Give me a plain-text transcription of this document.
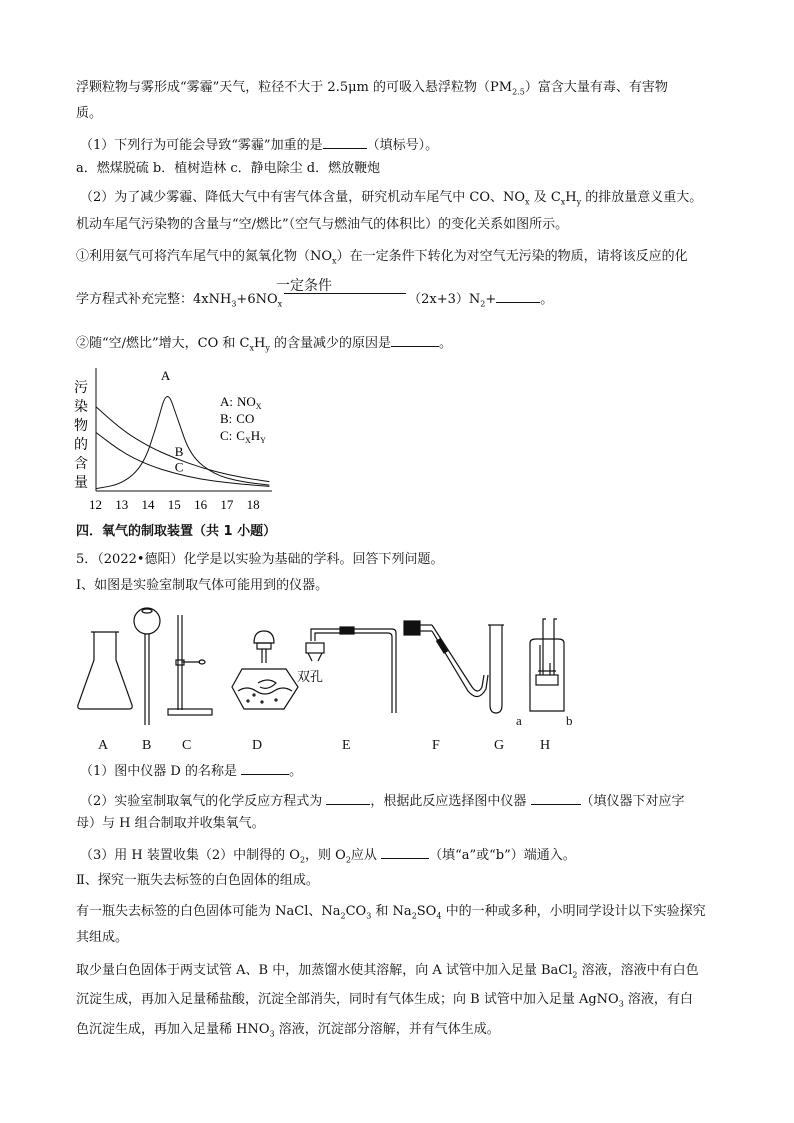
浮颗粒物与雾形成“雾霾”天气，粒径不大于 2.5μm 的可吸入悬浮粒物$(PM_{2.5})$富含大量有毒、有害物
质。
（1）下列行为可能会导致“雾霾”加重的是	（填标号）。
a．燃煤脱硫 b．植树造林 c．静电除尘 d．燃放鞭炮
（2）为了减少雾霾、降低大气中有害气体含量，研究机动车尾气中 CO、$NO_x$ 及 $C_xH_y$ 的排放量意义重大。
机动车尾气污染物的含量与“空/燃比”（空气与燃油气的体积比）的变化关系如图所示。
①利用氨气可将汽车尾气中的氮氧化物$(NO_x)$在一定条件下转化为对空气无污染的物质，请将该反应的化
学方程式补充完整：$4xNH_3+6NO_x$	$(2x+3)N_2+$	。
一定条件
②随“空/燃比”增大，CO 和 $C_xH_y$ 的含量减少的原因是	。
污
染
物
的
含
量
12 13 14 15 16 17 18
A
B
C
A: $NO_X$
B: CO
C: $C_XH_Y$
四．氧气的制取装置（共 1 小题）
5．（2022•德阳）化学是以实验为基础的学科。回答下列问题。
Ⅰ、如图是实验室制取气体可能用到的仪器。
双孔
a	b
A B C	D	E	F	G	H
（1）图中仪器 D 的名称是	。
（2）实验室制取氧气的化学反应方程式为	，根据此反应选择图中仪器	（填仪器下对应字
母）与 H 组合制取并收集氧气。
（3）用 H 装置收集（2）中制得的 $O_2$，则 $O_2$应从	（填“a”或“b”）端通入。
Ⅱ、探究一瓶失去标签的白色固体的组成。
有一瓶失去标签的白色固体可能为 NaCl、$Na_2CO_3$ 和 $Na_2SO_4$ 中的一种或多种，小明同学设计以下实验探究
其组成。
取少量白色固体于两支试管 A、B 中，加蒸馏水使其溶解，向 A 试管中加入足量 BaCl$_2$ 溶液，溶液中有白色
沉淀生成，再加入足量稀盐酸，沉淀全部消失，同时有气体生成；向 B 试管中加入足量 AgNO$_3$ 溶液，有白
色沉淀生成，再加入足量稀 $HNO_3$ 溶液，沉淀部分溶解，并有气体生成。
